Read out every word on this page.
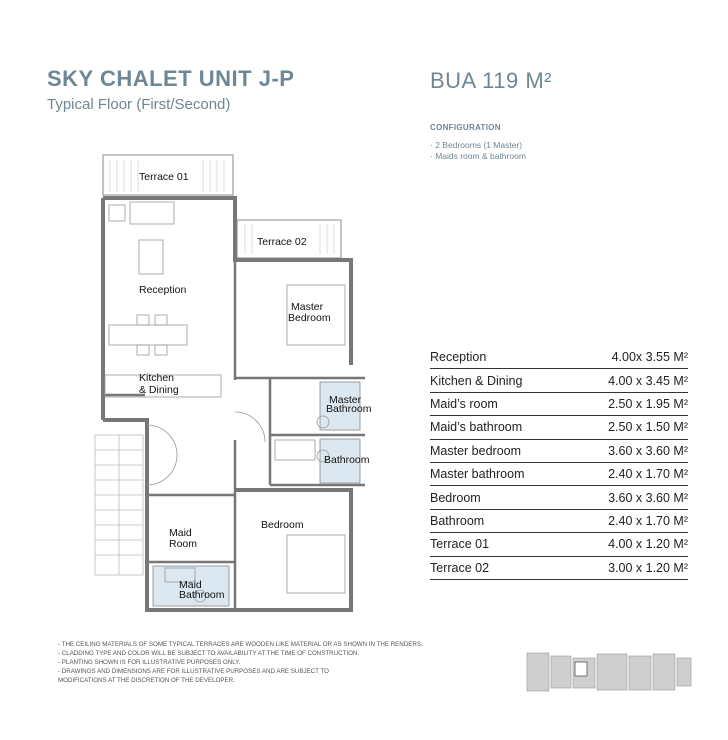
SKY CHALET UNIT J-P

Typical Floor (First/Second)

BUA 119 M²
CONFIGURATION
· 2 Bedrooms (1 Master)
· Maids room & bathroom
Reception	4.00x 3.55 M²
Kitchen & Dining	4.00 x 3.45 M²
Maid’s room	2.50 x 1.95 M²
Maid’s bathroom	2.50 x 1.50 M²
Master bedroom	3.60 x 3.60 M²
Master bathroom	2.40 x 1.70 M²
Bedroom	3.60 x 3.60 M²
Bathroom	2.40 x 1.70 M²
Terrace 01	4.00 x 1.20 M²
Terrace 02	3.00 x 1.20 M²
Terrace 01
Terrace 02
Reception
Master
Bedroom
Master
Bathroom
Bathroom
Kitchen
& Dining
Maid
Room
Maid
Bathroom
Bedroom
- THE CEILING MATERIALS OF SOME TYPICAL TERRACES ARE WOODEN LIKE MATERIAL OR AS SHOWN IN THE RENDERS.
- CLADDING TYPE AND COLOR WILL BE SUBJECT TO AVAILABILITY AT THE TIME OF CONSTRUCTION.
- PLANTING SHOWN IS FOR ILLUSTRATIVE PURPOSES ONLY.
- DRAWINGS AND DIMENSIONS ARE FOR ILLUSTRATIVE PURPOSES AND ARE SUBJECT TO
MODIFICATIONS AT THE DISCRETION OF THE DEVELOPER.
